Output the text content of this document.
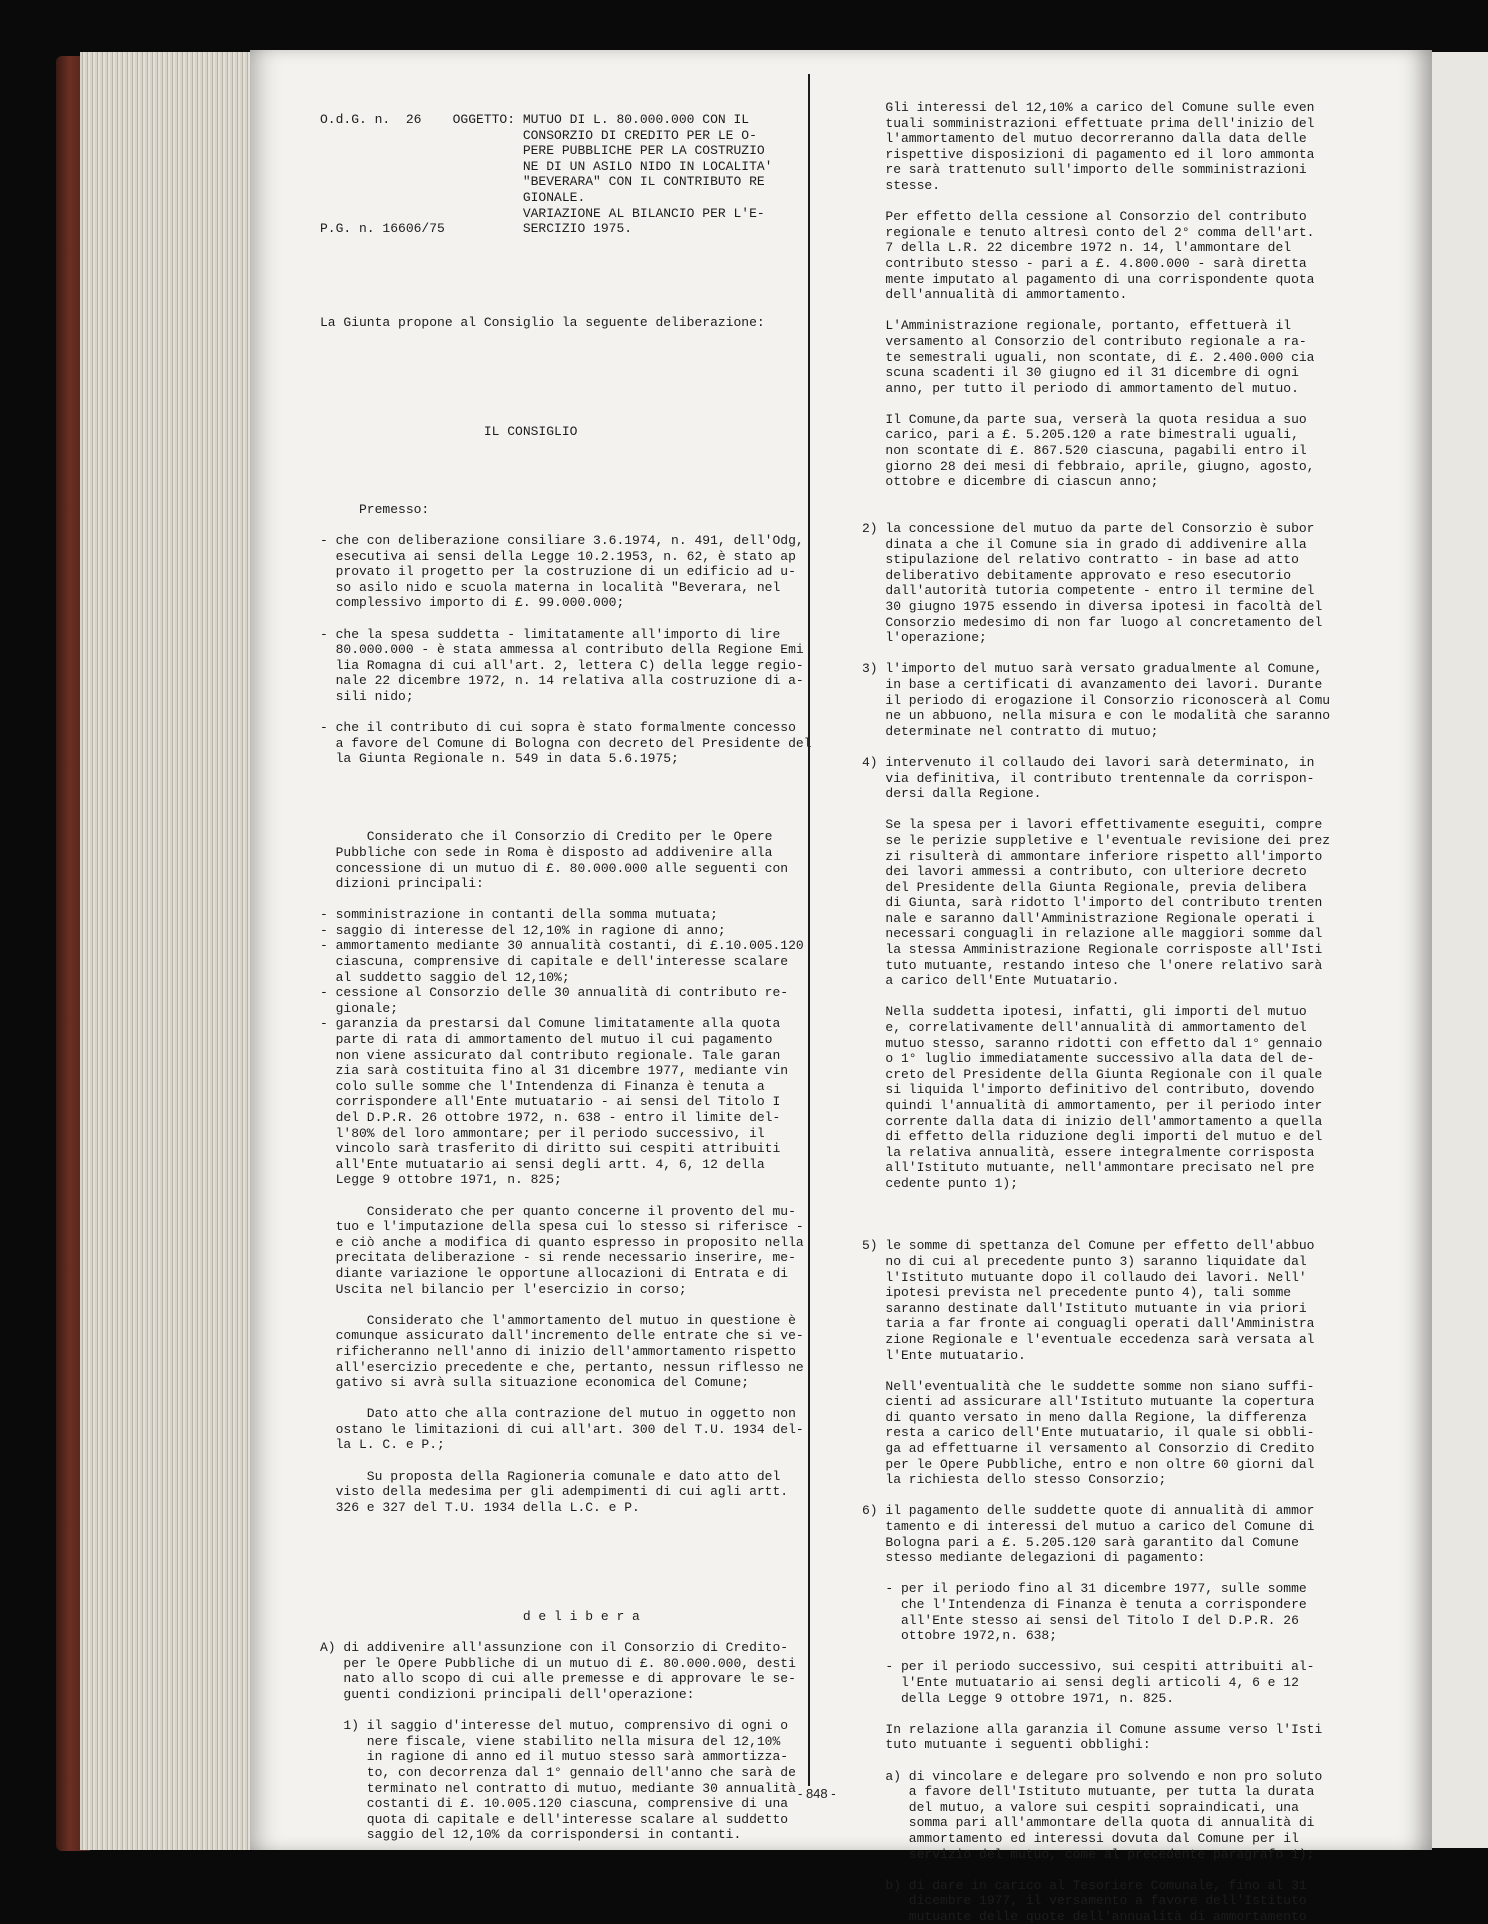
O.d.G. n.  26    OGGETTO: MUTUO DI L. 80.000.000 CON IL
CONSORZIO DI CREDITO PER LE O-
PERE PUBBLICHE PER LA COSTRUZIO
NE DI UN ASILO NIDO IN LOCALITA'
"BEVERARA" CON IL CONTRIBUTO RE
GIONALE.
VARIAZIONE AL BILANCIO PER L'E-
P.G. n. 16606/75          SERCIZIO 1975.

La Giunta propone al Consiglio la seguente deliberazione:

IL CONSIGLIO

Premesso:

- che con deliberazione consiliare 3.6.1974, n. 491, dell'Odg,
esecutiva ai sensi della Legge 10.2.1953, n. 62, è stato ap
provato il progetto per la costruzione di un edificio ad u-
so asilo nido e scuola materna in località "Beverara, nel
complessivo importo di £. 99.000.000;

- che la spesa suddetta - limitatamente all'importo di lire
80.000.000 - è stata ammessa al contributo della Regione Emi
lia Romagna di cui all'art. 2, lettera C) della legge regio-
nale 22 dicembre 1972, n. 14 relativa alla costruzione di a-
sili nido;

- che il contributo di cui sopra è stato formalmente concesso
a favore del Comune di Bologna con decreto del Presidente del
la Giunta Regionale n. 549 in data 5.6.1975;

Considerato che il Consorzio di Credito per le Opere
Pubbliche con sede in Roma è disposto ad addivenire alla
concessione di un mutuo di £. 80.000.000 alle seguenti con
dizioni principali:

- somministrazione in contanti della somma mutuata;
- saggio di interesse del 12,10% in ragione di anno;
- ammortamento mediante 30 annualità costanti, di £.10.005.120
ciascuna, comprensive di capitale e dell'interesse scalare
al suddetto saggio del 12,10%;
- cessione al Consorzio delle 30 annualità di contributo re-
gionale;
- garanzia da prestarsi dal Comune limitatamente alla quota
parte di rata di ammortamento del mutuo il cui pagamento
non viene assicurato dal contributo regionale. Tale garan
zia sarà costituita fino al 31 dicembre 1977, mediante vin
colo sulle somme che l'Intendenza di Finanza è tenuta a
corrispondere all'Ente mutuatario - ai sensi del Titolo I
del D.P.R. 26 ottobre 1972, n. 638 - entro il limite del-
l'80% del loro ammontare; per il periodo successivo, il
vincolo sarà trasferito di diritto sui cespiti attribuiti
all'Ente mutuatario ai sensi degli artt. 4, 6, 12 della
Legge 9 ottobre 1971, n. 825;

Considerato che per quanto concerne il provento del mu-
tuo e l'imputazione della spesa cui lo stesso si riferisce -
e ciò anche a modifica di quanto espresso in proposito nella
precitata deliberazione - si rende necessario inserire, me-
diante variazione le opportune allocazioni di Entrata e di
Uscita nel bilancio per l'esercizio in corso;

Considerato che l'ammortamento del mutuo in questione è
comunque assicurato dall'incremento delle entrate che si ve-
rificheranno nell'anno di inizio dell'ammortamento rispetto
all'esercizio precedente e che, pertanto, nessun riflesso ne
gativo si avrà sulla situazione economica del Comune;

Dato atto che alla contrazione del mutuo in oggetto non
ostano le limitazioni di cui all'art. 300 del T.U. 1934 del-
la L. C. e P.;

Su proposta della Ragioneria comunale e dato atto del
visto della medesima per gli adempimenti di cui agli artt.
326 e 327 del T.U. 1934 della L.C. e P.

d e l i b e r a

A) di addivenire all'assunzione con il Consorzio di Credito-
per le Opere Pubbliche di un mutuo di £. 80.000.000, desti
nato allo scopo di cui alle premesse e di approvare le se-
guenti condizioni principali dell'operazione:

1) il saggio d'interesse del mutuo, comprensivo di ogni o
nere fiscale, viene stabilito nella misura del 12,10%
in ragione di anno ed il mutuo stesso sarà ammortizza-
to, con decorrenza dal 1° gennaio dell'anno che sarà de
terminato nel contratto di mutuo, mediante 30 annualità
costanti di £. 10.005.120 ciascuna, comprensive di una
quota di capitale e dell'interesse scalare al suddetto
saggio del 12,10% da corrispondersi in contanti.
Gli interessi del 12,10% a carico del Comune sulle even
tuali somministrazioni effettuate prima dell'inizio del
l'ammortamento del mutuo decorreranno dalla data delle
rispettive disposizioni di pagamento ed il loro ammonta
re sarà trattenuto sull'importo delle somministrazioni
stesse.

Per effetto della cessione al Consorzio del contributo
regionale e tenuto altresì conto del 2° comma dell'art.
7 della L.R. 22 dicembre 1972 n. 14, l'ammontare del
contributo stesso - pari a £. 4.800.000 - sarà diretta
mente imputato al pagamento di una corrispondente quota
dell'annualità di ammortamento.

L'Amministrazione regionale, portanto, effettuerà il
versamento al Consorzio del contributo regionale a ra-
te semestrali uguali, non scontate, di £. 2.400.000 cia
scuna scadenti il 30 giugno ed il 31 dicembre di ogni
anno, per tutto il periodo di ammortamento del mutuo.

Il Comune,da parte sua, verserà la quota residua a suo
carico, pari a £. 5.205.120 a rate bimestrali uguali,
non scontate di £. 867.520 ciascuna, pagabili entro il
giorno 28 dei mesi di febbraio, aprile, giugno, agosto,
ottobre e dicembre di ciascun anno;

2) la concessione del mutuo da parte del Consorzio è subor
dinata a che il Comune sia in grado di addivenire alla
stipulazione del relativo contratto - in base ad atto
deliberativo debitamente approvato e reso esecutorio
dall'autorità tutoria competente - entro il termine del
30 giugno 1975 essendo in diversa ipotesi in facoltà del
Consorzio medesimo di non far luogo al concretamento del
l'operazione;

3) l'importo del mutuo sarà versato gradualmente al Comune,
in base a certificati di avanzamento dei lavori. Durante
il periodo di erogazione il Consorzio riconoscerà al Comu
ne un abbuono, nella misura e con le modalità che saranno
determinate nel contratto di mutuo;

4) intervenuto il collaudo dei lavori sarà determinato, in
via definitiva, il contributo trentennale da corrispon-
dersi dalla Regione.

Se la spesa per i lavori effettivamente eseguiti, compre
se le perizie suppletive e l'eventuale revisione dei prez
zi risulterà di ammontare inferiore rispetto all'importo
dei lavori ammessi a contributo, con ulteriore decreto
del Presidente della Giunta Regionale, previa delibera
di Giunta, sarà ridotto l'importo del contributo trenten
nale e saranno dall'Amministrazione Regionale operati i
necessari conguagli in relazione alle maggiori somme dal
la stessa Amministrazione Regionale corrisposte all'Isti
tuto mutuante, restando inteso che l'onere relativo sarà
a carico dell'Ente Mutuatario.

Nella suddetta ipotesi, infatti, gli importi del mutuo
e, correlativamente dell'annualità di ammortamento del
mutuo stesso, saranno ridotti con effetto dal 1° gennaio
o 1° luglio immediatamente successivo alla data del de-
creto del Presidente della Giunta Regionale con il quale
si liquida l'importo definitivo del contributo, dovendo
quindi l'annualità di ammortamento, per il periodo inter
corrente dalla data di inizio dell'ammortamento a quella
di effetto della riduzione degli importi del mutuo e del
la relativa annualità, essere integralmente corrisposta
all'Istituto mutuante, nell'ammontare precisato nel pre
cedente punto 1);

5) le somme di spettanza del Comune per effetto dell'abbuo
no di cui al precedente punto 3) saranno liquidate dal
l'Istituto mutuante dopo il collaudo dei lavori. Nell'
ipotesi prevista nel precedente punto 4), tali somme
saranno destinate dall'Istituto mutuante in via priori
taria a far fronte ai conguagli operati dall'Amministra
zione Regionale e l'eventuale eccedenza sarà versata al
l'Ente mutuatario.

Nell'eventualità che le suddette somme non siano suffi-
cienti ad assicurare all'Istituto mutuante la copertura
di quanto versato in meno dalla Regione, la differenza
resta a carico dell'Ente mutuatario, il quale si obbli-
ga ad effettuarne il versamento al Consorzio di Credito
per le Opere Pubbliche, entro e non oltre 60 giorni dal
la richiesta dello stesso Consorzio;

6) il pagamento delle suddette quote di annualità di ammor
tamento e di interessi del mutuo a carico del Comune di
Bologna pari a £. 5.205.120 sarà garantito dal Comune
stesso mediante delegazioni di pagamento:

- per il periodo fino al 31 dicembre 1977, sulle somme
che l'Intendenza di Finanza è tenuta a corrispondere
all'Ente stesso ai sensi del Titolo I del D.P.R. 26
ottobre 1972,n. 638;

- per il periodo successivo, sui cespiti attribuiti al-
l'Ente mutuatario ai sensi degli articoli 4, 6 e 12
della Legge 9 ottobre 1971, n. 825.

In relazione alla garanzia il Comune assume verso l'Isti
tuto mutuante i seguenti obblighi:

a) di vincolare e delegare pro solvendo e non pro soluto
a favore dell'Istituto mutuante, per tutta la durata
del mutuo, a valore sui cespiti sopraindicati, una
somma pari all'ammontare della quota di annualità di
ammortamento ed interessi dovuta dal Comune per il
servizio del mutuo, come al precedente paragrafo 1);

b) di dare in carico al Tesoriere Comunale, fino al 31
dicembre 1977, il versamento a favore dell'Istituto
mutuante delle quote dell'annualità di ammortamento
- 848 -
